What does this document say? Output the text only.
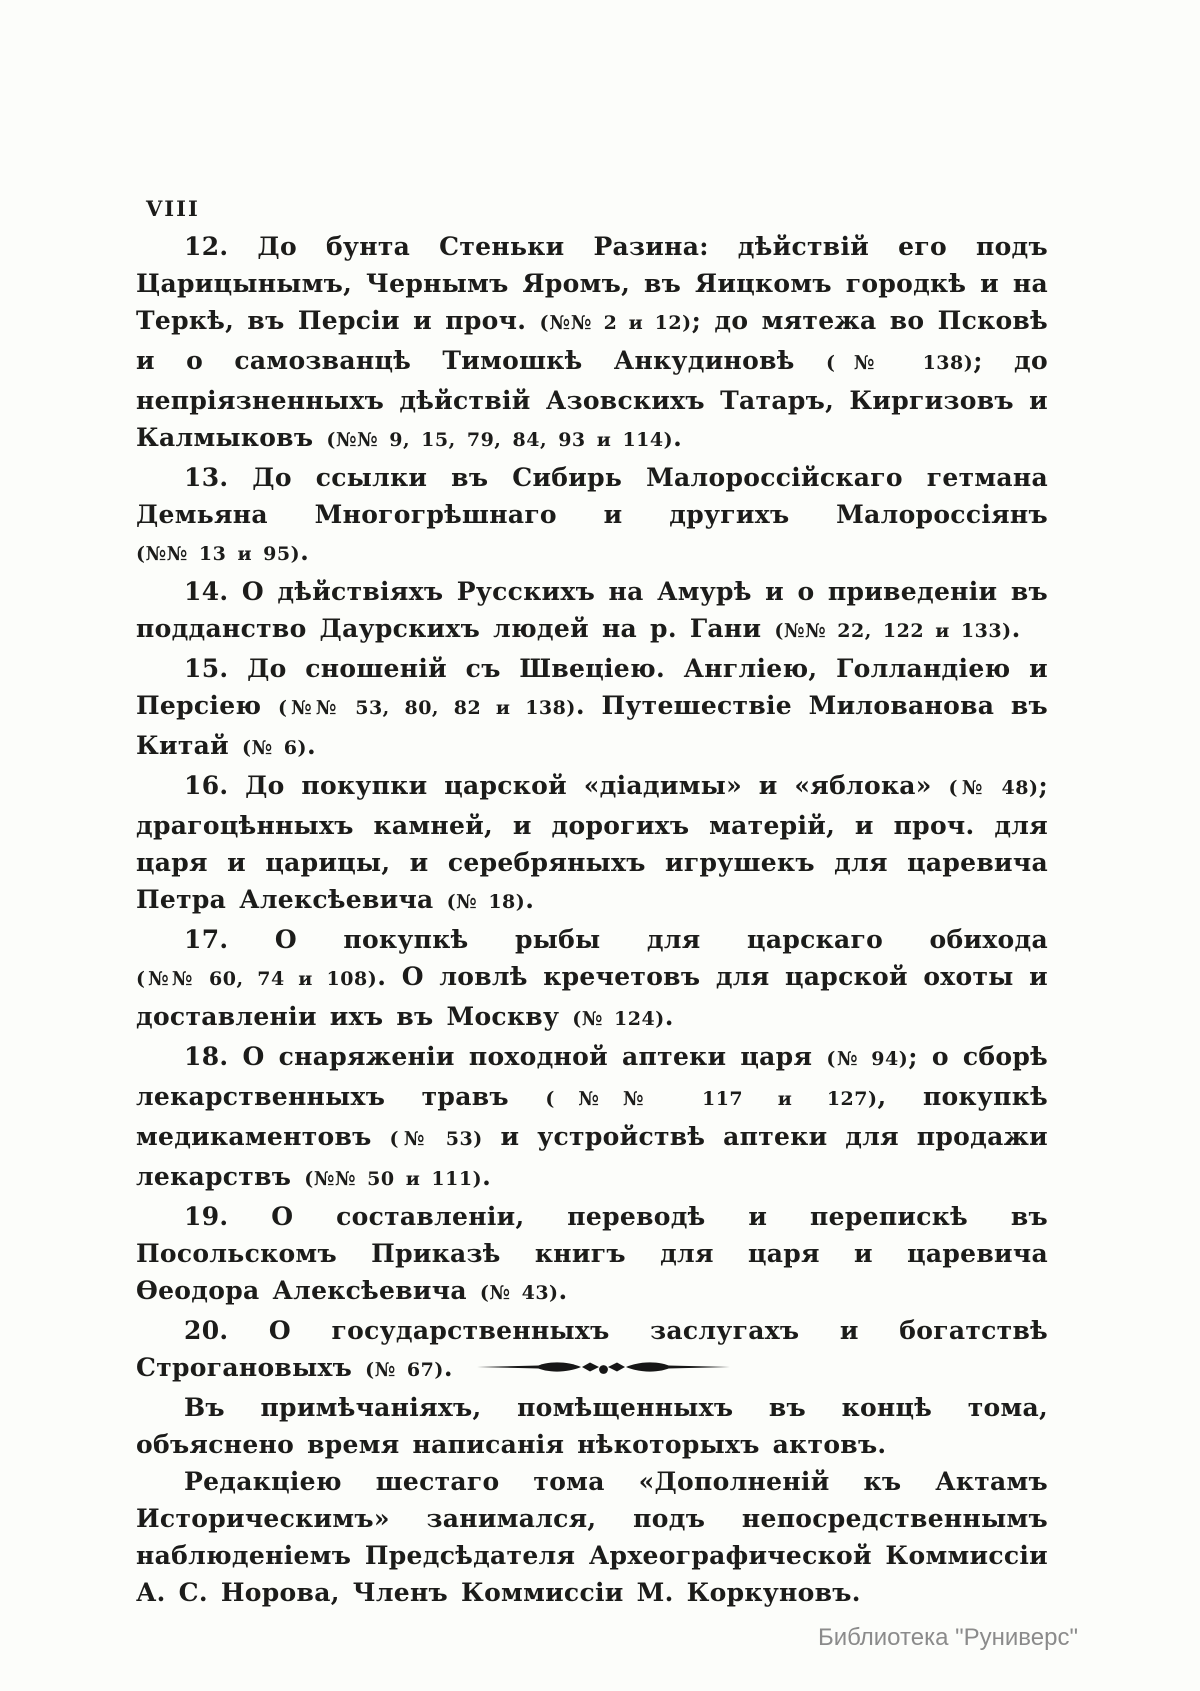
VIII

12. До бунта Стеньки Разина: дѣйствій его подъ Царицынымъ, Чернымъ Яромъ, въ Яицкомъ городкѣ и на Теркѣ, въ Персіи и проч. (№№ 2 и 12); до мятежа во Псковѣ и о самозванцѣ Тимошкѣ Анкудиновѣ (№ 138); до непріязненныхъ дѣйствій Азовскихъ Татаръ, Киргизовъ и Калмыковъ (№№ 9, 15, 79, 84, 93 и 114).

13. До ссылки въ Сибирь Малороссійскаго гетмана Демьяна Многогрѣшнаго и другихъ Малороссіянъ (№№ 13 и 95).

14. О дѣйствіяхъ Русскихъ на Амурѣ и о приведеніи въ подданство Даурскихъ людей на р. Гани (№№ 22, 122 и 133).

15. До сношеній съ Швеціею. Англіею, Голландіею и Персіею (№№ 53, 80, 82 и 138). Путешествіе Милованова въ Китай (№ 6).

16. До покупки царской «діадимы» и «яблока» (№ 48); драгоцѣнныхъ камней, и дорогихъ матерій, и проч. для царя и царицы, и серебряныхъ игрушекъ для царевича Петра Алексѣевича (№ 18).

17. О покупкѣ рыбы для царскаго обихода (№№ 60, 74 и 108). О ловлѣ кречетовъ для царской охоты и доставленіи ихъ въ Москву (№ 124).

18. О снаряженіи походной аптеки царя (№ 94); о сборѣ лекарственныхъ травъ (№№ 117 и 127), покупкѣ медикаментовъ (№ 53) и устройствѣ аптеки для продажи лекарствъ (№№ 50 и 111).

19. О составленіи, переводѣ и перепискѣ въ Посольскомъ Приказѣ книгъ для царя и царевича Ѳеодора Алексѣевича (№ 43).

20. О государственныхъ заслугахъ и богатствѣ Строгановыхъ (№ 67).

Въ примѣчаніяхъ, помѣщенныхъ въ концѣ тома, объяснено время написанія нѣкоторыхъ актовъ.

Редакціею шестаго тома «Дополненій къ Актамъ Историческимъ» занимался, подъ непосредственнымъ наблюденіемъ Предсѣдателя Археографической Коммиссіи А. С. Норова, Членъ Коммиссіи М. Коркуновъ.

Библиотека "Руниверс"
